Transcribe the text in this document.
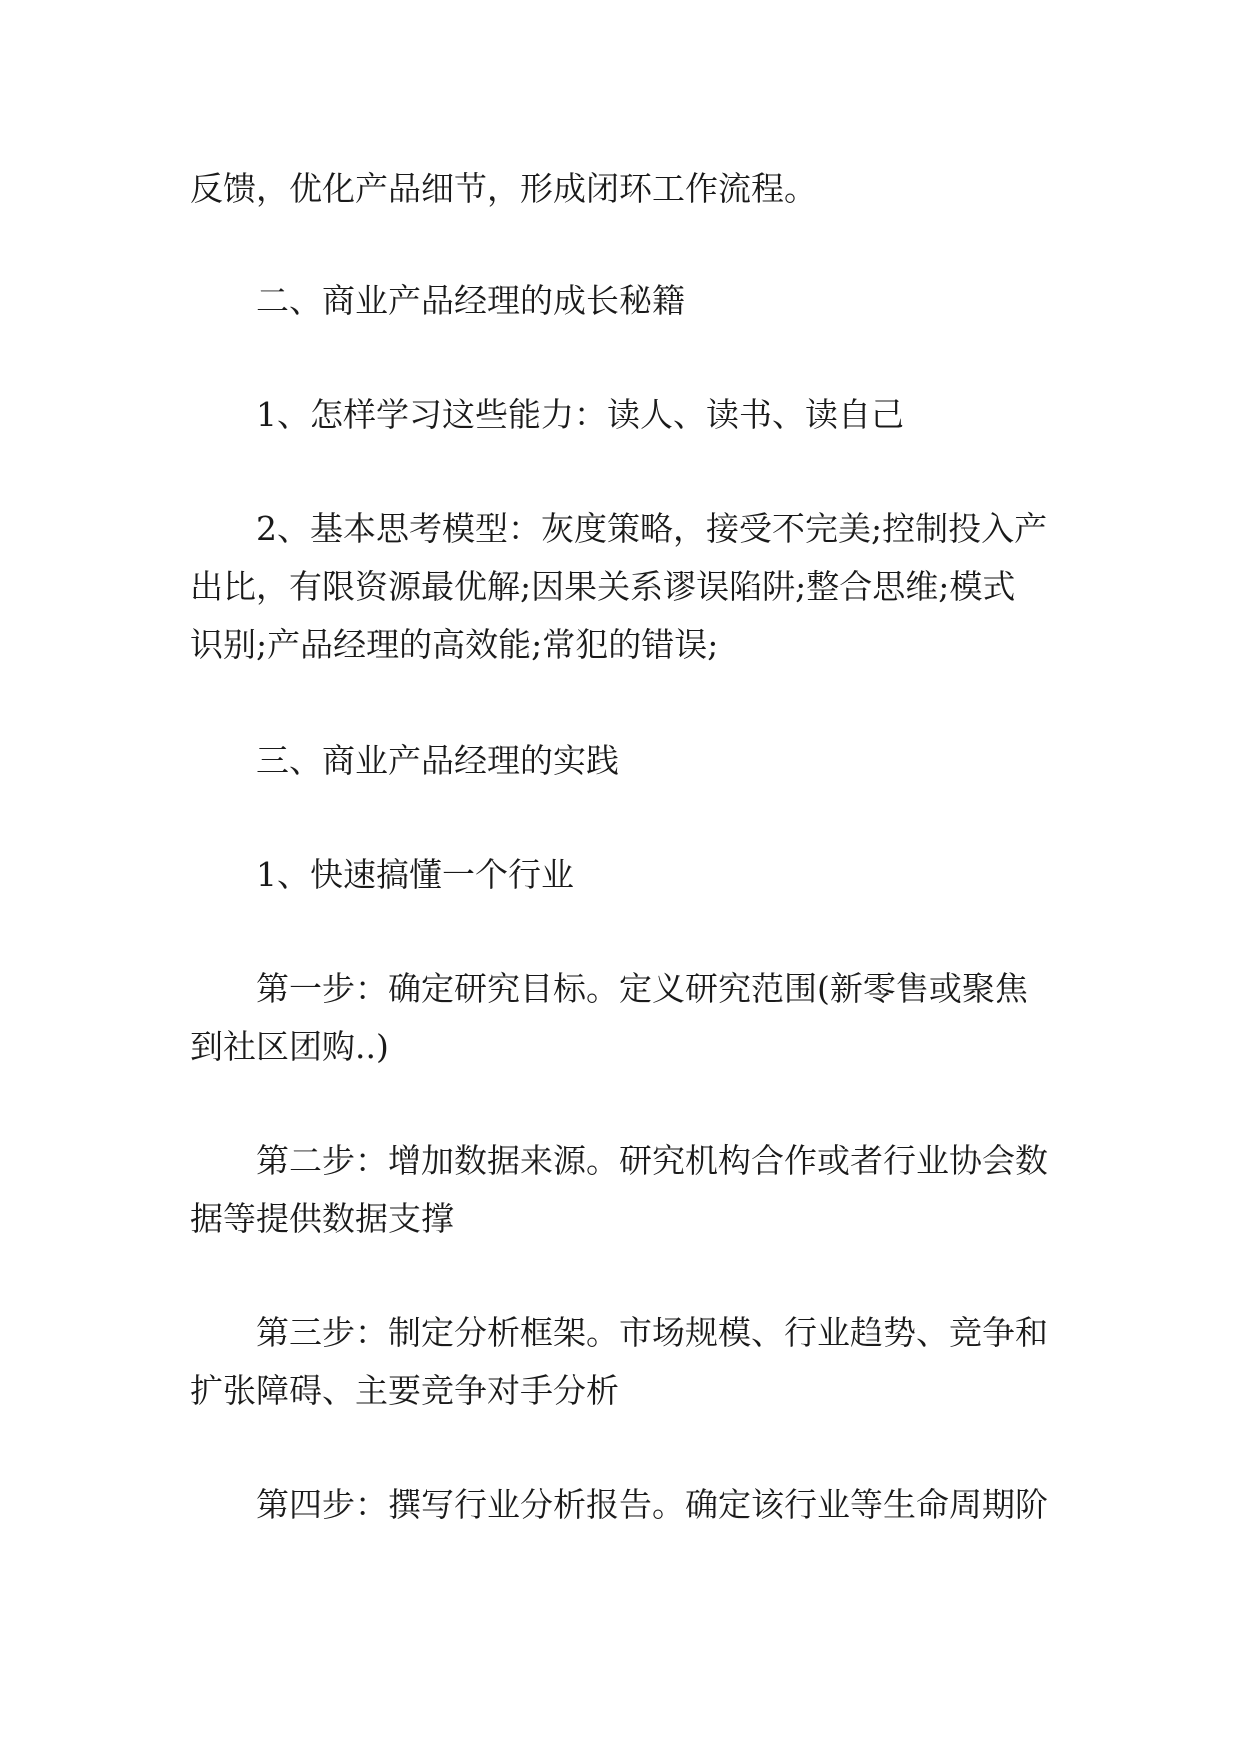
反馈，优化产品细节，形成闭环工作流程。
二、商业产品经理的成长秘籍
1、怎样学习这些能力：读人、读书、读自己
2、基本思考模型：灰度策略，接受不完美;控制投入产
出比，有限资源最优解;因果关系谬误陷阱;整合思维;模式
识别;产品经理的高效能;常犯的错误;
三、商业产品经理的实践
1、快速搞懂一个行业
第一步：确定研究目标。定义研究范围(新零售或聚焦
到社区团购..)
第二步：增加数据来源。研究机构合作或者行业协会数
据等提供数据支撑
第三步：制定分析框架。市场规模、行业趋势、竞争和
扩张障碍、主要竞争对手分析
第四步：撰写行业分析报告。确定该行业等生命周期阶
